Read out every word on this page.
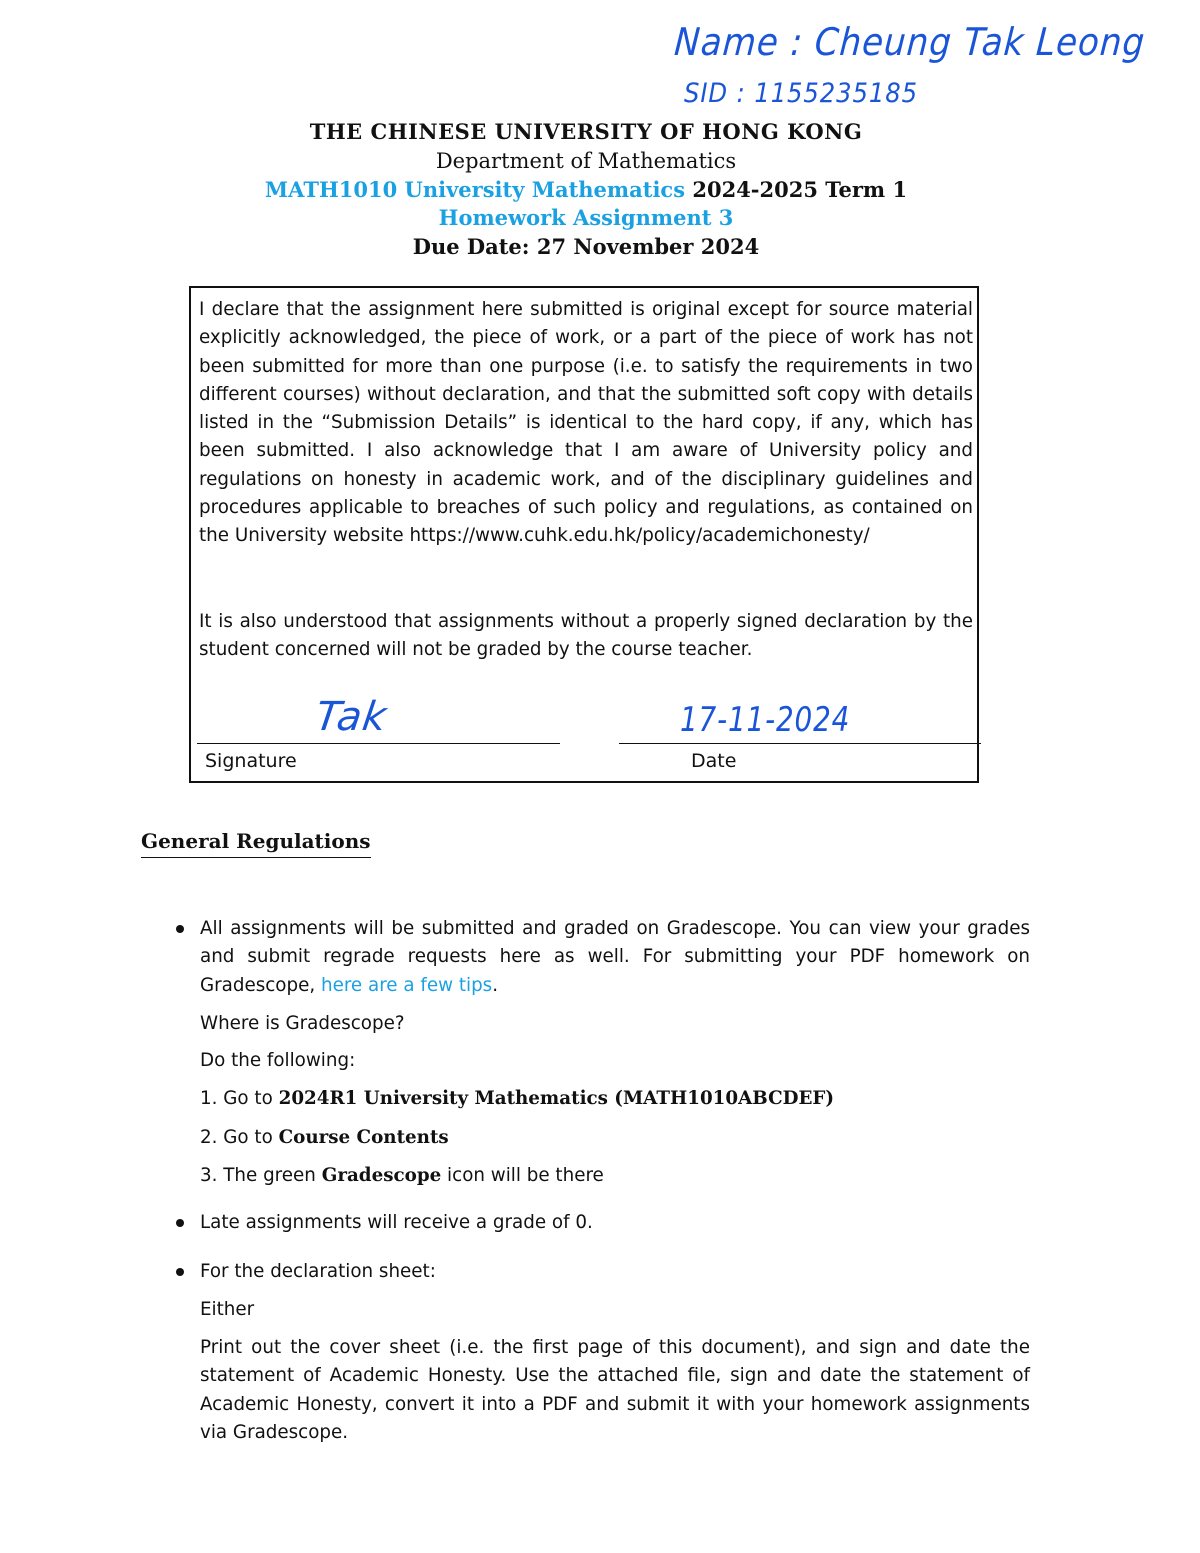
Name : Cheung Tak Leong
SID : 1155235185
THE CHINESE UNIVERSITY OF HONG KONG
Department of Mathematics
MATH1010 University Mathematics 2024-2025 Term 1
Homework Assignment 3
Due Date: 27 November 2024

I declare that the assignment here submitted is original except for source material explicitly acknowledged, the piece of work, or a part of the piece of work has not been submitted for more than one purpose (i.e. to satisfy the requirements in two different courses) without declaration, and that the submitted soft copy with details listed in the “Submission Details” is identical to the hard copy, if any, which has been submitted. I also acknowledge that I am aware of University policy and regulations on honesty in academic work, and of the disciplinary guidelines and procedures applicable to breaches of such policy and regulations, as contained on the University website https://www.cuhk.edu.hk/policy/academichonesty/

It is also understood that assignments without a properly signed declaration by the student concerned will not be graded by the course teacher.

Signature	Date
Tak	17-11-2024
General Regulations

All assignments will be submitted and graded on Gradescope. You can view your grades and submit regrade requests here as well. For submitting your PDF homework on Gradescope, here are a few tips.

Where is Gradescope?
Do the following:
1. Go to 2024R1 University Mathematics (MATH1010ABCDEF)
2. Go to Course Contents
3. The green Gradescope icon will be there
Late assignments will receive a grade of 0.
For the declaration sheet:
Either

Print out the cover sheet (i.e. the first page of this document), and sign and date the statement of Academic Honesty. Use the attached file, sign and date the statement of Academic Honesty, convert it into a PDF and submit it with your homework assignments via Gradescope.
